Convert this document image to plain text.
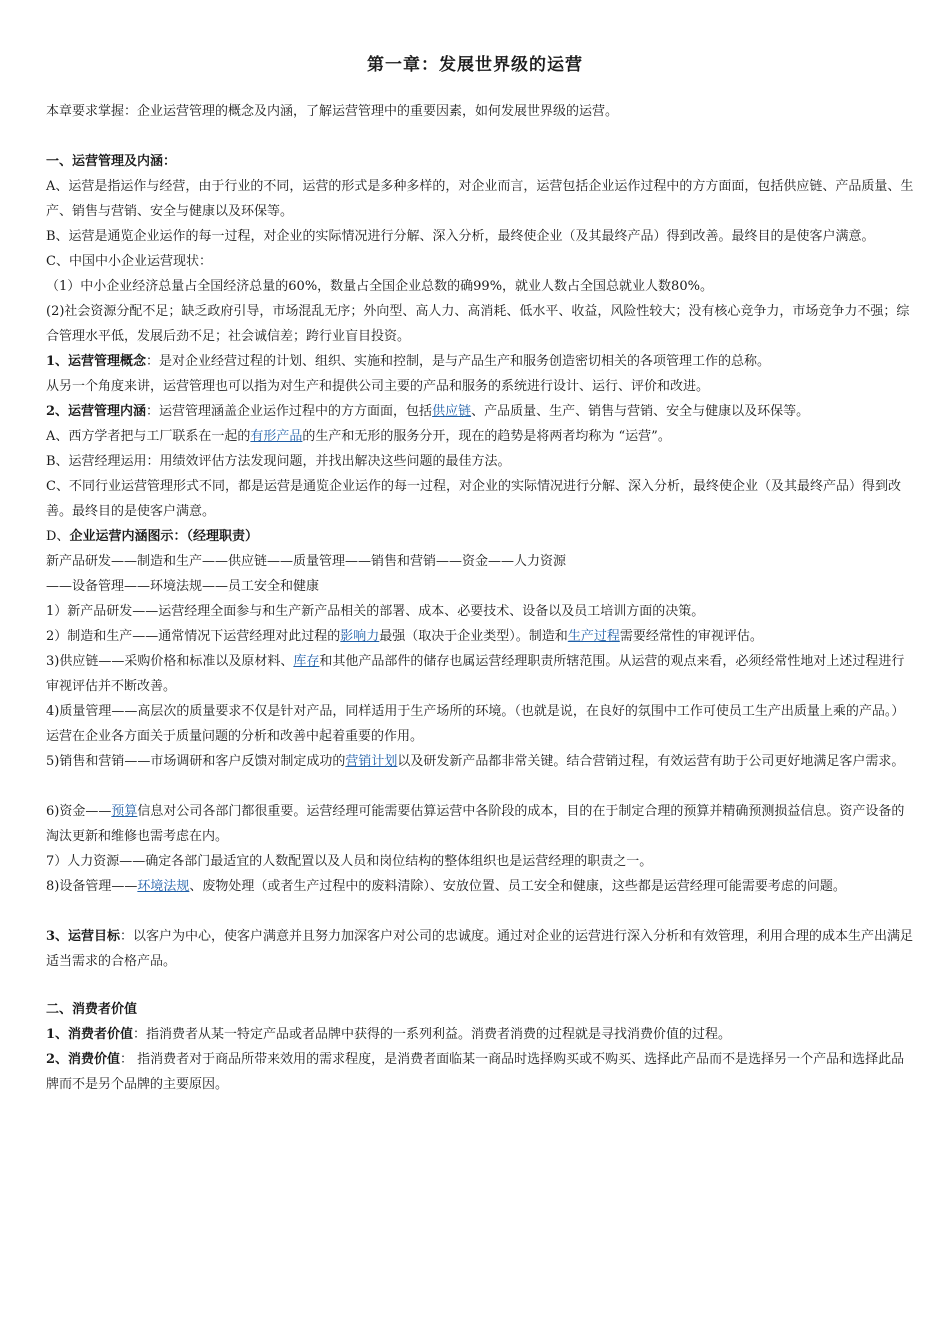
第一章：发展世界级的运营
本章要求掌握：企业运营管理的概念及内涵，了解运营管理中的重要因素，如何发展世界级的运营。
一、运营管理及内涵：
A、运营是指运作与经营，由于行业的不同，运营的形式是多种多样的，对企业而言，运营包括企业运作过程中的方方面面，包括供应链、产品质量、生产、销售与营销、安全与健康以及环保等。
B、运营是通览企业运作的每一过程，对企业的实际情况进行分解、深入分析，最终使企业（及其最终产品）得到改善。最终目的是使客户满意。
C、中国中小企业运营现状：
（1）中小企业经济总量占全国经济总量的60%，数量占全国企业总数的确99%，就业人数占全国总就业人数80%。
(2)社会资源分配不足；缺乏政府引导，市场混乱无序；外向型、高人力、高消耗、低水平、收益，风险性较大；没有核心竞争力，市场竞争力不强；综合管理水平低，发展后劲不足；社会诚信差；跨行业盲目投资。
1、运营管理概念：是对企业经营过程的计划、组织、实施和控制，是与产品生产和服务创造密切相关的各项管理工作的总称。
从另一个角度来讲，运营管理也可以指为对生产和提供公司主要的产品和服务的系统进行设计、运行、评价和改进。
2、运营管理内涵：运营管理涵盖企业运作过程中的方方面面，包括供应链、产品质量、生产、销售与营销、安全与健康以及环保等。
A、西方学者把与工厂联系在一起的有形产品的生产和无形的服务分开，现在的趋势是将两者均称为 “运营”。
B、运营经理运用：用绩效评估方法发现问题，并找出解决这些问题的最佳方法。
C、不同行业运营管理形式不同，都是运营是通览企业运作的每一过程，对企业的实际情况进行分解、深入分析，最终使企业（及其最终产品）得到改善。最终目的是使客户满意。
D、企业运营内涵图示：（经理职责）
新产品研发——制造和生产——供应链——质量管理——销售和营销——资金——人力资源
——设备管理——环境法规——员工安全和健康
1）新产品研发——运营经理全面参与和生产新产品相关的部署、成本、必要技术、设备以及员工培训方面的决策。
2）制造和生产——通常情况下运营经理对此过程的影响力最强（取决于企业类型）。制造和生产过程需要经常性的审视评估。
3)供应链——采购价格和标准以及原材料、库存和其他产品部件的储存也属运营经理职责所辖范围。从运营的观点来看，必须经常性地对上述过程进行审视评估并不断改善。
4)质量管理——高层次的质量要求不仅是针对产品，同样适用于生产场所的环境。（也就是说，在良好的氛围中工作可使员工生产出质量上乘的产品。）运营在企业各方面关于质量问题的分析和改善中起着重要的作用。
5)销售和营销——市场调研和客户反馈对制定成功的营销计划以及研发新产品都非常关键。结合营销过程，有效运营有助于公司更好地满足客户需求。
6)资金——预算信息对公司各部门都很重要。运营经理可能需要估算运营中各阶段的成本，目的在于制定合理的预算并精确预测损益信息。资产设备的淘汰更新和维修也需考虑在内。
7）人力资源——确定各部门最适宜的人数配置以及人员和岗位结构的整体组织也是运营经理的职责之一。
8)设备管理——环境法规、废物处理（或者生产过程中的废料清除）、安放位置、员工安全和健康，这些都是运营经理可能需要考虑的问题。
3、运营目标：以客户为中心，使客户满意并且努力加深客户对公司的忠诚度。通过对企业的运营进行深入分析和有效管理，利用合理的成本生产出满足适当需求的合格产品。
二、消费者价值
1、消费者价值：指消费者从某一特定产品或者品牌中获得的一系列利益。消费者消费的过程就是寻找消费价值的过程。
2、消费价值： 指消费者对于商品所带来效用的需求程度，是消费者面临某一商品时选择购买或不购买、选择此产品而不是选择另一个产品和选择此品牌而不是另个品牌的主要原因。
